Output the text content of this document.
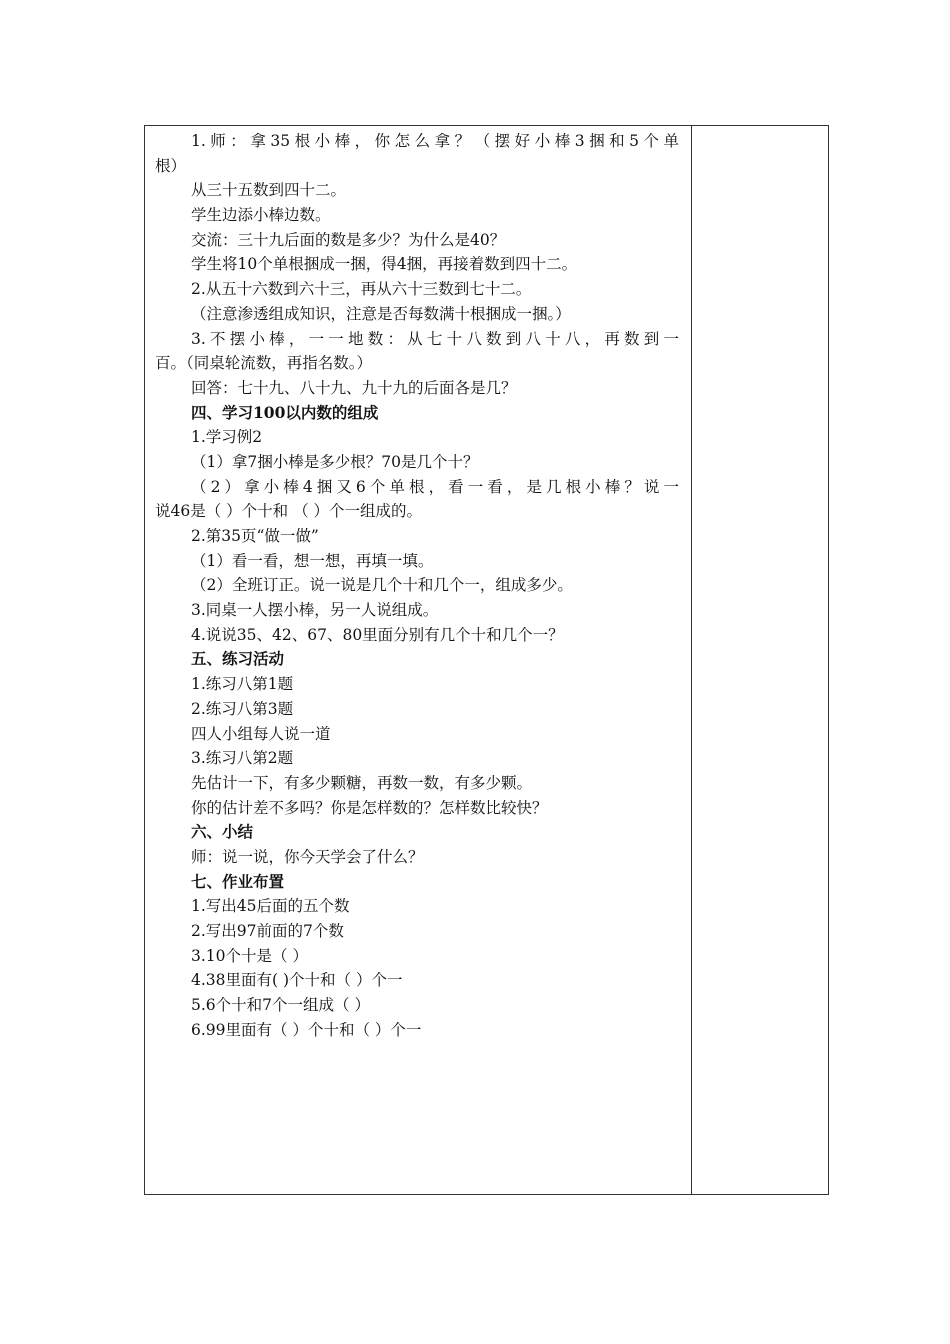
1.师：拿35根小棒，你怎么拿？（摆好小棒3捆和5个单
根）
从三十五数到四十二。
学生边添小棒边数。
交流：三十九后面的数是多少？为什么是40？
学生将10个单根捆成一捆，得4捆，再接着数到四十二。
2.从五十六数到六十三，再从六十三数到七十二。
（注意渗透组成知识，注意是否每数满十根捆成一捆。）
3.不摆小棒，一一地数：从七十八数到八十八，再数到一
百。（同桌轮流数，再指名数。）
回答：七十九、八十九、九十九的后面各是几？
四、学习100以内数的组成
1.学习例2
（1）拿7捆小棒是多少根？70是几个十？
（2）拿小棒4捆又6个单根，看一看，是几根小棒？说一
说46是（ ）个十和 （ ）个一组成的。
2.第35页“做一做”
（1）看一看，想一想，再填一填。
（2）全班订正。说一说是几个十和几个一，组成多少。
3.同桌一人摆小棒，另一人说组成。
4.说说35、42、67、80里面分别有几个十和几个一？
五、练习活动
1.练习八第1题
2.练习八第3题
四人小组每人说一道
3.练习八第2题
先估计一下，有多少颗糖，再数一数，有多少颗。
你的估计差不多吗？你是怎样数的？怎样数比较快？
六、小结
师：说一说，你今天学会了什么？
七、作业布置
1.写出45后面的五个数
2.写出97前面的7个数
3.10个十是（ ）
4.38里面有( )个十和（ ）个一
5.6个十和7个一组成（ ）
6.99里面有（ ）个十和（ ）个一
